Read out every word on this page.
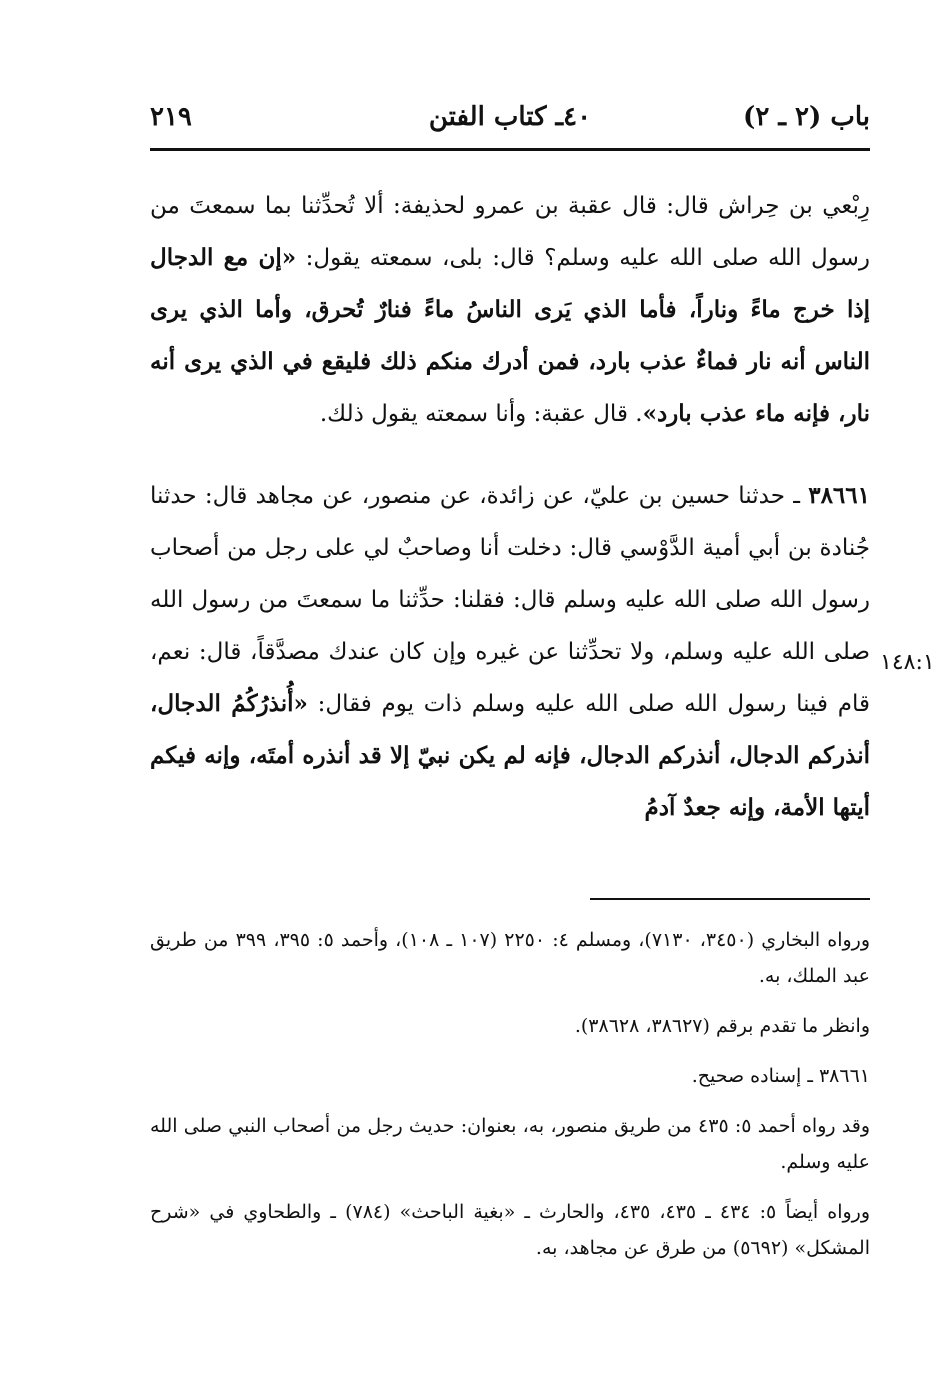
باب (٢ ـ ٢)
٤٠ـ كتاب الفتن
٢١٩

رِبْعي بن حِراش قال: قال عقبة بن عمرو لحذيفة: ألا تُحدِّثنا بما سمعتَ من رسول الله صلى الله عليه وسلم؟ قال: بلى، سمعته يقول: «إن مع الدجال إذا خرج ماءً وناراً، فأما الذي يَرى الناسُ ماءً فنارٌ تُحرق، وأما الذي يرى الناس أنه نار فماءٌ عذب بارد، فمن أدرك منكم ذلك فليقع في الذي يرى أنه نار، فإنه ماء عذب بارد». قال عقبة: وأنا سمعته يقول ذلك.

٣٨٦٦١ ـ حدثنا حسين بن عليّ، عن زائدة، عن منصور، عن مجاهد قال: حدثنا جُنادة بن أبي أمية الدَّوْسي قال: دخلت أنا وصاحبٌ لي على رجل من أصحاب رسول الله صلى الله عليه وسلم قال: فقلنا: حدِّثنا ما سمعتَ من رسول الله صلى الله عليه وسلم، ولا تحدِّثنا عن غيره وإن كان عندك مصدَّقاً، قال: نعم، قام فينا رسول الله صلى الله عليه وسلم ذات يوم فقال: «أُنذرُكُمُ الدجال، أنذركم الدجال، أنذركم الدجال، فإنه لم يكن نبيّ إلا قد أنذره أمتَه، وإنه فيكم أيتها الأمة، وإنه جعدٌ آدمُ

١٤٨:١

ورواه البخاري (٣٤٥٠، ٧١٣٠)، ومسلم ٤: ٢٢٥٠ (١٠٧ ـ ١٠٨)، وأحمد ٥: ٣٩٥، ٣٩٩ من طريق عبد الملك، به.

وانظر ما تقدم برقم (٣٨٦٢٧، ٣٨٦٢٨).

٣٨٦٦١ ـ إسناده صحيح.

وقد رواه أحمد ٥: ٤٣٥ من طريق منصور، به، بعنوان: حديث رجل من أصحاب النبي صلى الله عليه وسلم.

ورواه أيضاً ٥: ٤٣٤ ـ ٤٣٥، ٤٣٥، والحارث ـ «بغية الباحث» (٧٨٤) ـ والطحاوي في «شرح المشكل» (٥٦٩٢) من طرق عن مجاهد، به.
